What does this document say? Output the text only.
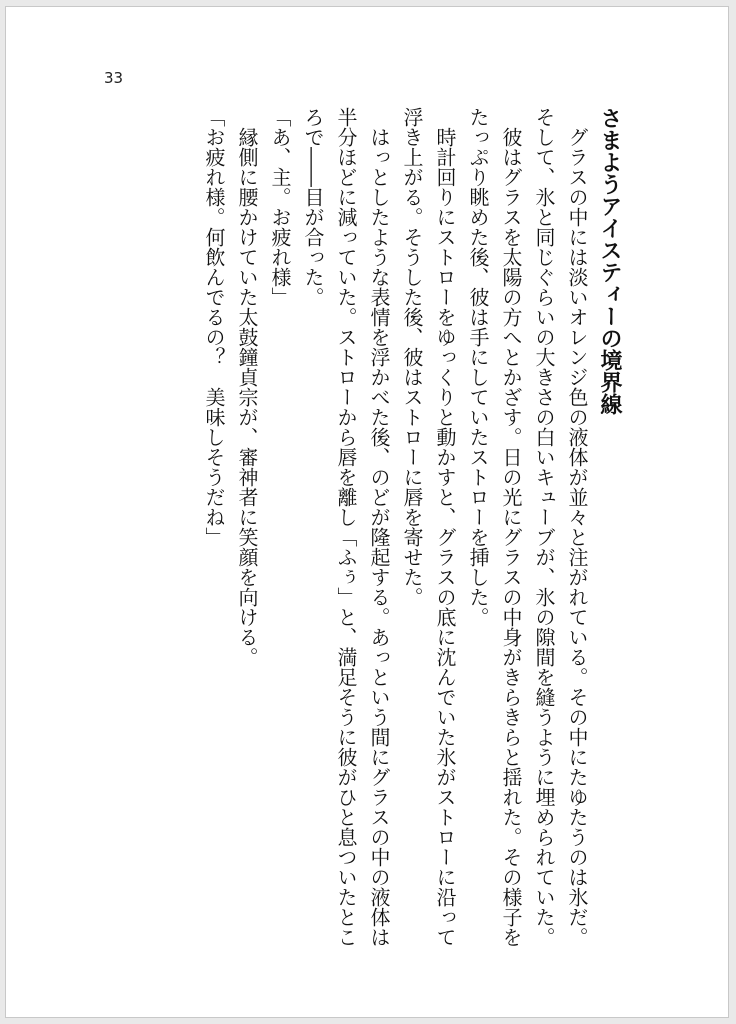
33
さまようアイスティーの境界線

グラスの中には淡いオレンジ色の液体が並々と注がれている。その中にたゆたうのは氷だ。そして、氷と同じぐらいの大きさの白いキューブが、氷の隙間を縫うように埋められていた。

彼はグラスを太陽の方へとかざす。日の光にグラスの中身がきらきらと揺れた。その様子をたっぷり眺めた後、彼は手にしていたストローを挿した。

時計回りにストローをゆっくりと動かすと、グラスの底に沈んでいた氷がストローに沿って浮き上がる。そうした後、彼はストローに唇を寄せた。

はっとしたような表情を浮かべた後、のどが隆起する。あっという間にグラスの中の液体は半分ほどに減っていた。ストローから唇を離し「ふぅ」と、満足そうに彼がひと息ついたところで――目が合った。

「あ、主。お疲れ様」

縁側に腰かけていた太鼓鐘貞宗が、審神者に笑顔を向ける。

「お疲れ様。何飲んでるの？　美味しそうだね」
